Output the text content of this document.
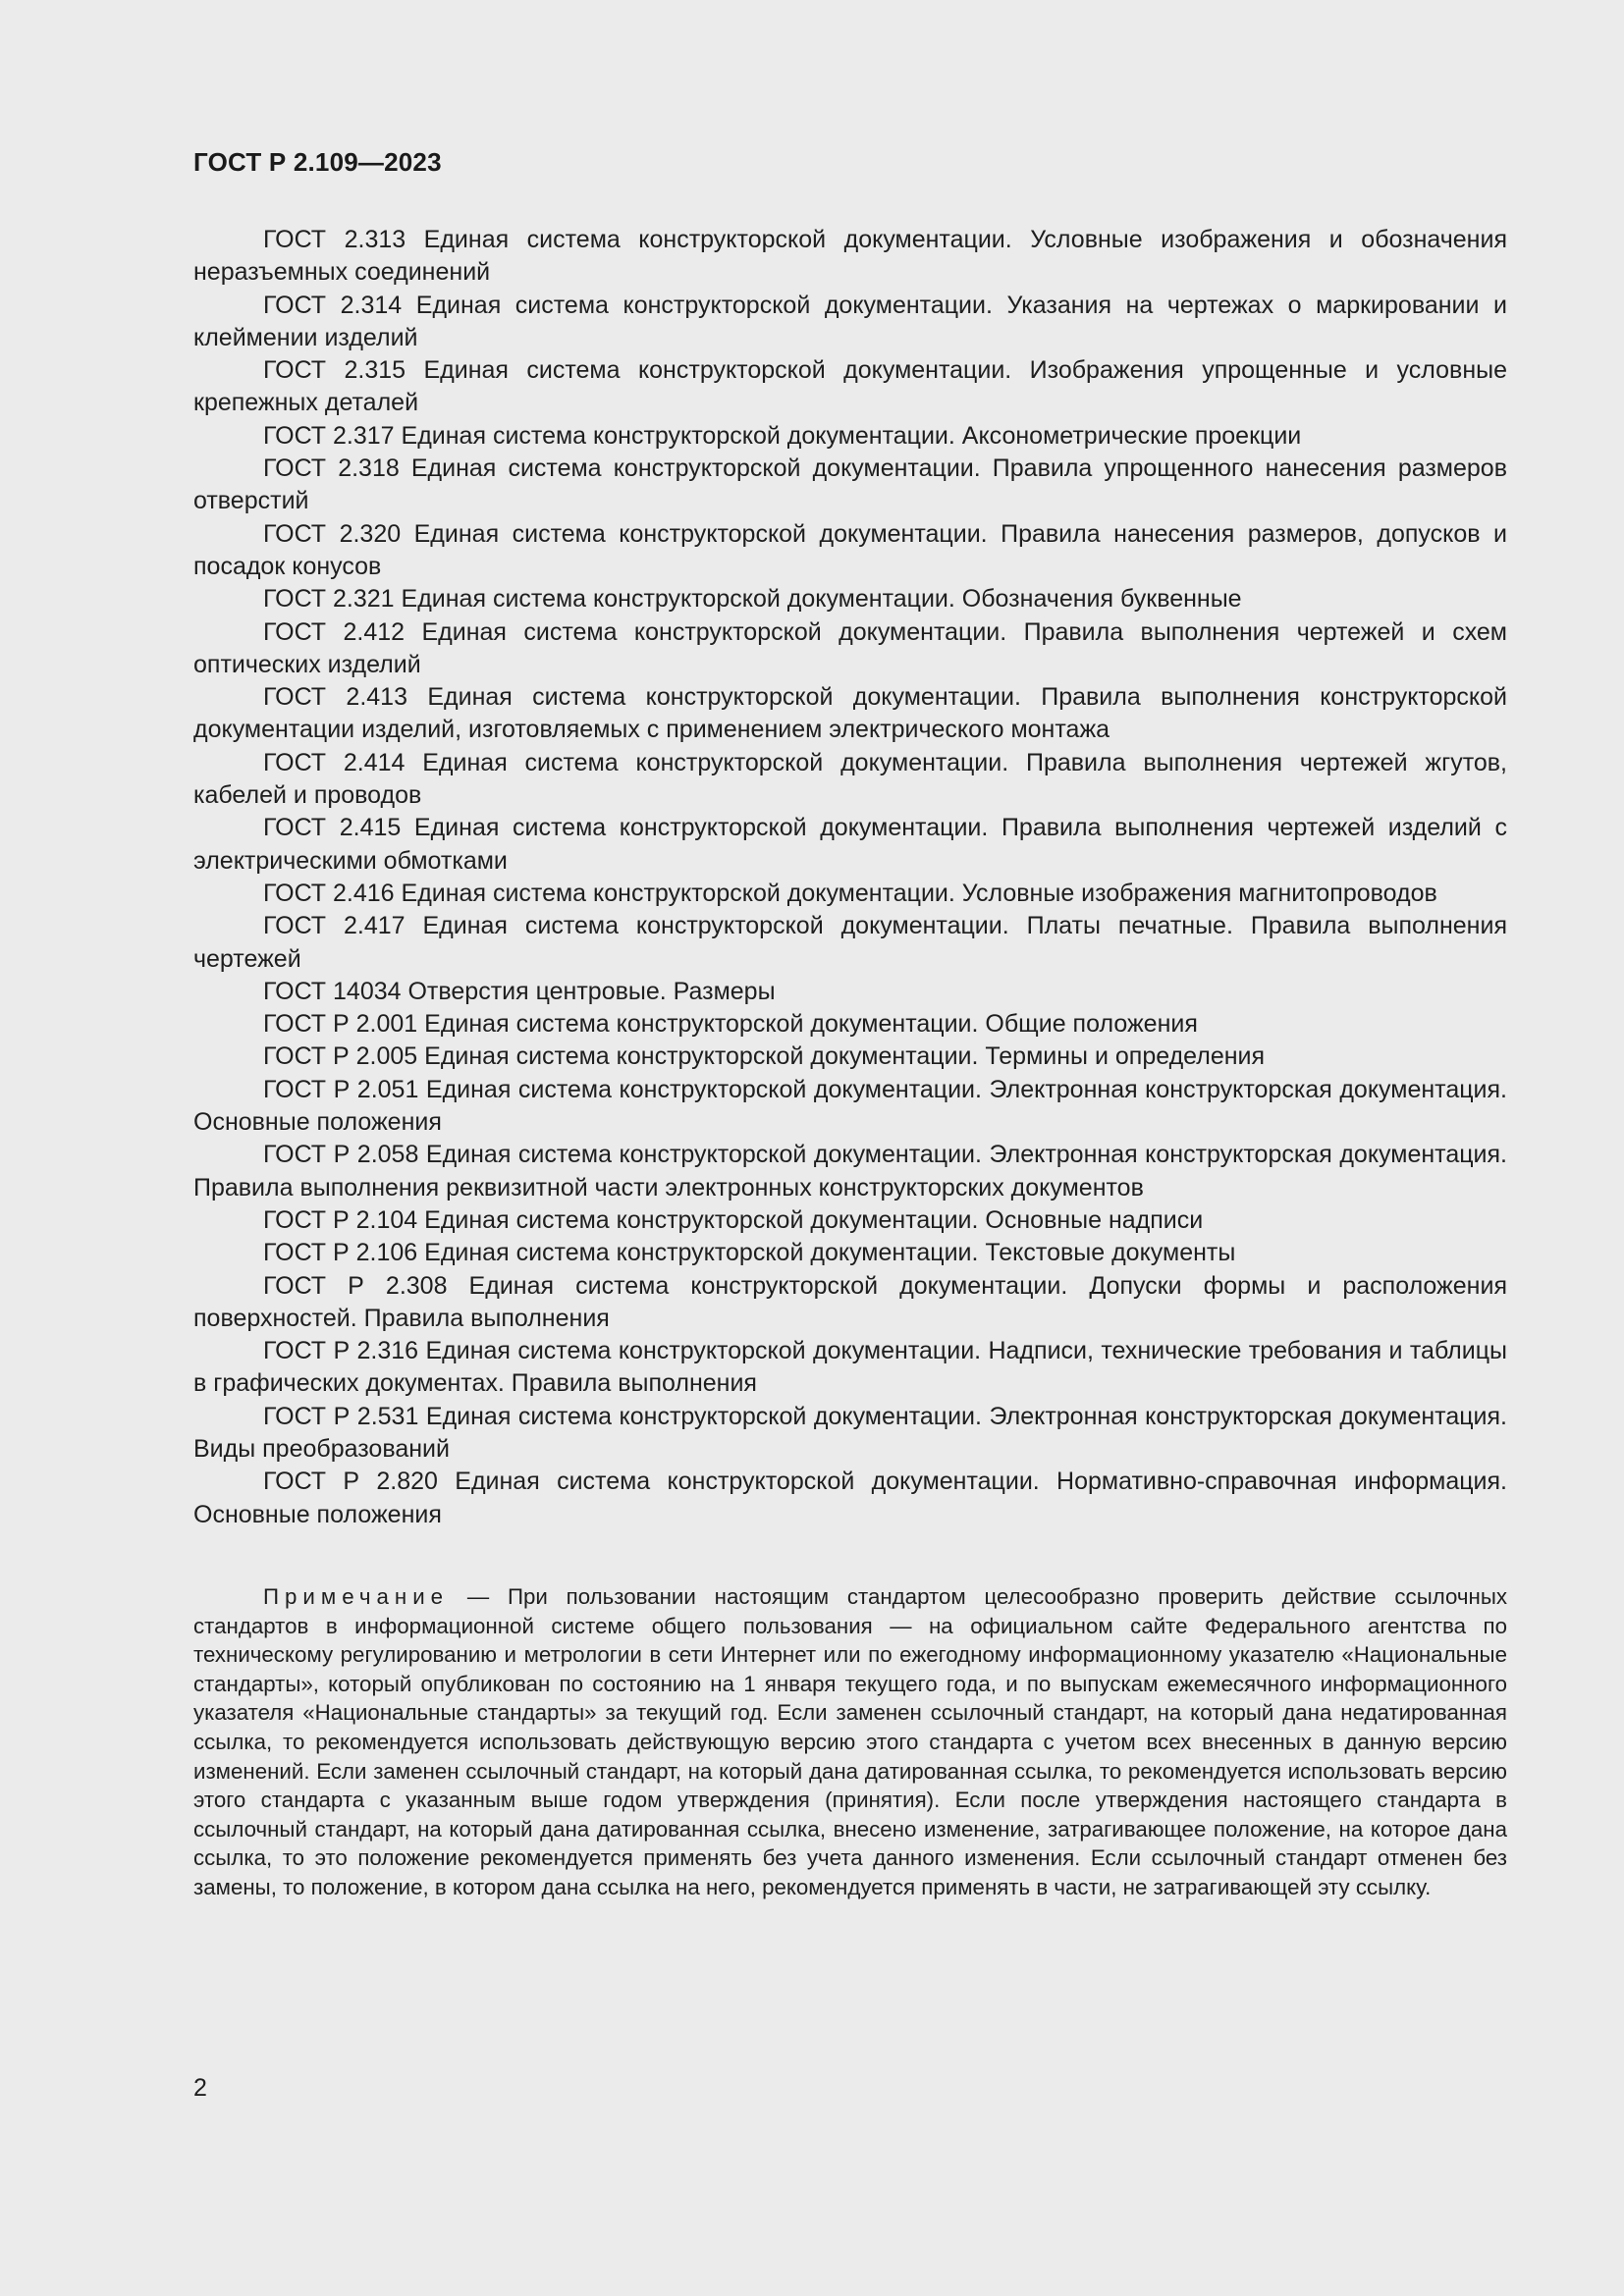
ГОСТ Р 2.109—2023

ГОСТ 2.313 Единая система конструкторской документации. Условные изображения и обозначения неразъемных соединений

ГОСТ 2.314 Единая система конструкторской документации. Указания на чертежах о маркировании и клеймении изделий

ГОСТ 2.315 Единая система конструкторской документации. Изображения упрощенные и условные крепежных деталей

ГОСТ 2.317 Единая система конструкторской документации. Аксонометрические проекции

ГОСТ 2.318 Единая система конструкторской документации. Правила упрощенного нанесения размеров отверстий

ГОСТ 2.320 Единая система конструкторской документации. Правила нанесения размеров, допусков и посадок конусов

ГОСТ 2.321 Единая система конструкторской документации. Обозначения буквенные

ГОСТ 2.412 Единая система конструкторской документации. Правила выполнения чертежей и схем оптических изделий

ГОСТ 2.413 Единая система конструкторской документации. Правила выполнения конструкторской документации изделий, изготовляемых с применением электрического монтажа

ГОСТ 2.414 Единая система конструкторской документации. Правила выполнения чертежей жгутов, кабелей и проводов

ГОСТ 2.415 Единая система конструкторской документации. Правила выполнения чертежей изделий с электрическими обмотками

ГОСТ 2.416 Единая система конструкторской документации. Условные изображения магнитопроводов

ГОСТ 2.417 Единая система конструкторской документации. Платы печатные. Правила выполнения чертежей

ГОСТ 14034 Отверстия центровые. Размеры

ГОСТ Р 2.001 Единая система конструкторской документации. Общие положения

ГОСТ Р 2.005 Единая система конструкторской документации. Термины и определения

ГОСТ Р 2.051 Единая система конструкторской документации. Электронная конструкторская документация. Основные положения

ГОСТ Р 2.058 Единая система конструкторской документации. Электронная конструкторская документация. Правила выполнения реквизитной части электронных конструкторских документов

ГОСТ Р 2.104 Единая система конструкторской документации. Основные надписи

ГОСТ Р 2.106 Единая система конструкторской документации. Текстовые документы

ГОСТ Р 2.308 Единая система конструкторской документации. Допуски формы и расположения поверхностей. Правила выполнения

ГОСТ Р 2.316 Единая система конструкторской документации. Надписи, технические требования и таблицы в графических документах. Правила выполнения

ГОСТ Р 2.531 Единая система конструкторской документации. Электронная конструкторская документация. Виды преобразований

ГОСТ Р 2.820 Единая система конструкторской документации. Нормативно-справочная информация. Основные положения

Примечание — При пользовании настоящим стандартом целесообразно проверить действие ссылочных стандартов в информационной системе общего пользования — на официальном сайте Федерального агентства по техническому регулированию и метрологии в сети Интернет или по ежегодному информационному указателю «Национальные стандарты», который опубликован по состоянию на 1 января текущего года, и по выпускам ежемесячного информационного указателя «Национальные стандарты» за текущий год. Если заменен ссылочный стандарт, на который дана недатированная ссылка, то рекомендуется использовать действующую версию этого стандарта с учетом всех внесенных в данную версию изменений. Если заменен ссылочный стандарт, на который дана датированная ссылка, то рекомендуется использовать версию этого стандарта с указанным выше годом утверждения (принятия). Если после утверждения настоящего стандарта в ссылочный стандарт, на который дана датированная ссылка, внесено изменение, затрагивающее положение, на которое дана ссылка, то это положение рекомендуется применять без учета данного изменения. Если ссылочный стандарт отменен без замены, то положение, в котором дана ссылка на него, рекомендуется применять в части, не затрагивающей эту ссылку.

2
